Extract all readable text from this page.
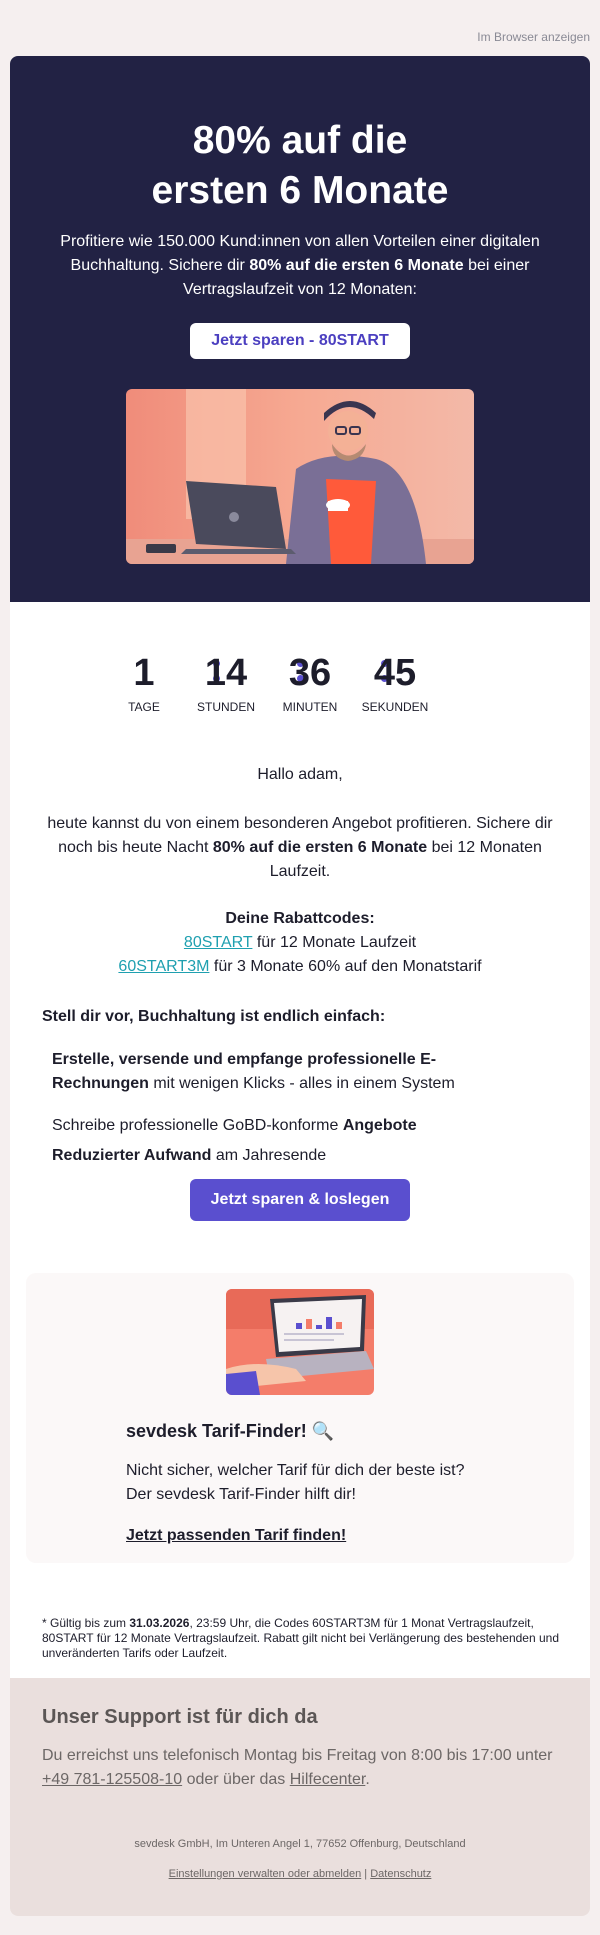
Im Browser anzeigen
80% auf die
ersten 6 Monate

Profitiere wie 150.000 Kund:innen von allen Vorteilen einer digitalen Buchhaltung. Sichere dir 80% auf die ersten 6 Monate bei einer Vertragslaufzeit von 12 Monaten:

Jetzt sparen - 80START
1
TAGE
14
STUNDEN
36
MINUTEN
45
SEKUNDEN

Hallo adam,

heute kannst du von einem besonderen Angebot profitieren. Sichere dir noch bis heute Nacht 80% auf die ersten 6 Monate bei 12 Monaten Laufzeit.

Deine Rabattcodes:

80START für 12 Monate Laufzeit

60START3M für 3 Monate 60% auf den Monatstarif

Stell dir vor, Buchhaltung ist endlich einfach:

Erstelle, versende und empfange professionelle E-Rechnungen mit wenigen Klicks - alles in einem System

Schreibe professionelle GoBD-konforme Angebote

Reduzierter Aufwand am Jahresende

Jetzt sparen & loslegen

sevdesk Tarif-Finder! 🔍

Nicht sicher, welcher Tarif für dich der beste ist?
Der sevdesk Tarif-Finder hilft dir!
Jetzt passenden Tarif finden!

* Gültig bis zum 31.03.2026, 23:59 Uhr, die Codes 60START3M für 1 Monat Vertragslaufzeit, 80START für 12 Monate Vertragslaufzeit. Rabatt gilt nicht bei Verlängerung des bestehenden und unveränderten Tarifs oder Laufzeit.

Unser Support ist für dich da

Du erreichst uns telefonisch Montag bis Freitag von 8:00 bis 17:00 unter +49 781-125508-10 oder über das Hilfecenter.

sevdesk GmbH, Im Unteren Angel 1, 77652 Offenburg, Deutschland

Einstellungen verwalten oder abmelden | Datenschutz
